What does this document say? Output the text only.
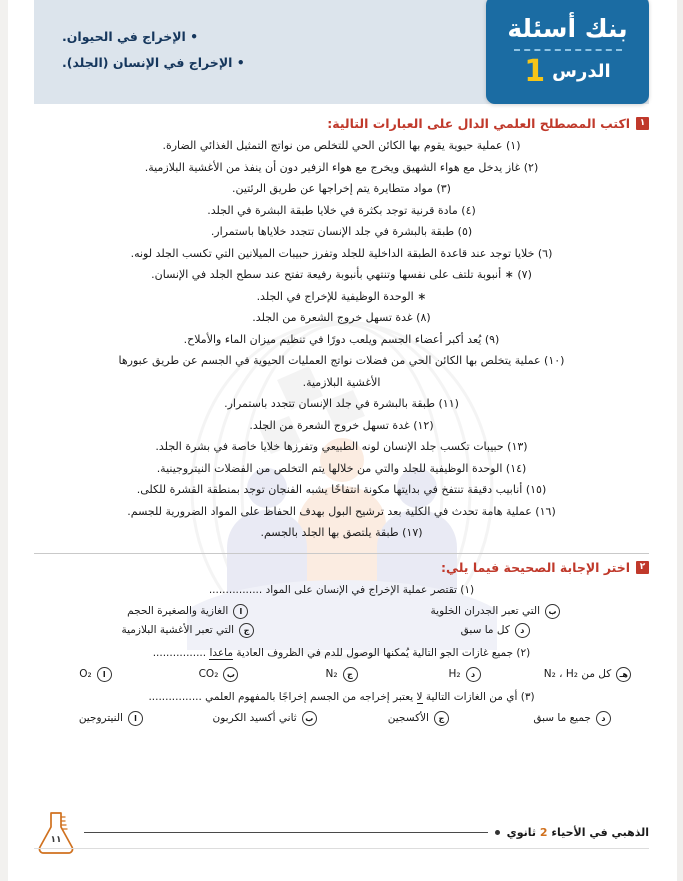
• الإخراج في الحيوان.
• الإخراج في الإنسان (الجلد).
بنك أسئلة
الدرس
1
١
اكتب المصطلح العلمي الدال على العبارات التالية:
(١) عملية حيوية يقوم بها الكائن الحي للتخلص من نواتج التمثيل الغذائي الضارة.
(٢) غاز يدخل مع هواء الشهيق ويخرج مع هواء الزفير دون أن ينفذ من الأغشية البلازمية.
(٣) مواد متطايرة يتم إخراجها عن طريق الرئتين.
(٤) مادة قرنية توجد بكثرة في خلايا طبقة البشرة في الجلد.
(٥) طبقة بالبشرة في جلد الإنسان تتجدد خلاياها باستمرار.
(٦) خلايا توجد عند قاعدة الطبقة الداخلية للجلد وتفرز حبيبات الميلانين التي تكسب الجلد لونه.
(٧) ∗ أنبوبة تلتف على نفسها وتنتهي بأنبوبة رفيعة تفتح عند سطح الجلد في الإنسان.
∗ الوحدة الوظيفية للإخراج في الجلد.
(٨) غدة تسهل خروج الشعرة من الجلد.
(٩) يُعد أكبر أعضاء الجسم ويلعب دورًا في تنظيم ميزان الماء والأملاح.
(١٠) عملية يتخلص بها الكائن الحي من فضلات نواتج العمليات الحيوية في الجسم عن طريق عبورها
الأغشية البلازمية.
(١١) طبقة بالبشرة في جلد الإنسان تتجدد باستمرار.
(١٢) غدة تسهل خروج الشعرة من الجلد.
(١٣) حبيبات تكسب جلد الإنسان لونه الطبيعي وتفرزها خلايا خاصة في بشرة الجلد.
(١٤) الوحدة الوظيفية للجلد والتي من خلالها يتم التخلص من الفضلات النيتروجينية.
(١٥) أنابيب دقيقة تنتفخ في بدايتها مكونة انتفاخًا يشبه الفنجان توجد بمنطقة القشرة للكلى.
(١٦) عملية هامة تحدث في الكلية بعد ترشيح البول بهدف الحفاظ على المواد الضرورية للجسم.
(١٧) طبقة يلتصق بها الجلد بالجسم.
٢
اختر الإجابة الصحيحة فيما يلي:
(١) تقتصر عملية الإخراج في الإنسان على المواد ................
ب
التي تعبر الجدران الخلوية
ا
الغازية والصغيرة الحجم
د
كل ما سبق
ج
التي تعبر الأغشية البلازمية
(٢) جميع غازات الجو التالية يُمكنها الوصول للدم في الظروف العادية ماعدا ................
هـ
كل من N₂ ، H₂
د
H₂
ج
N₂
ب
CO₂
ا
O₂
(٣) أي من الغازات التالية لا يعتبر إخراجه من الجسم إخراجًا بالمفهوم العلمي ................
د
جميع ما سبق
ج
الأكسجين
ب
ثاني أكسيد الكربون
ا
النيتروجين
الذهبي في الأحياء 2 ثانوي
١١
